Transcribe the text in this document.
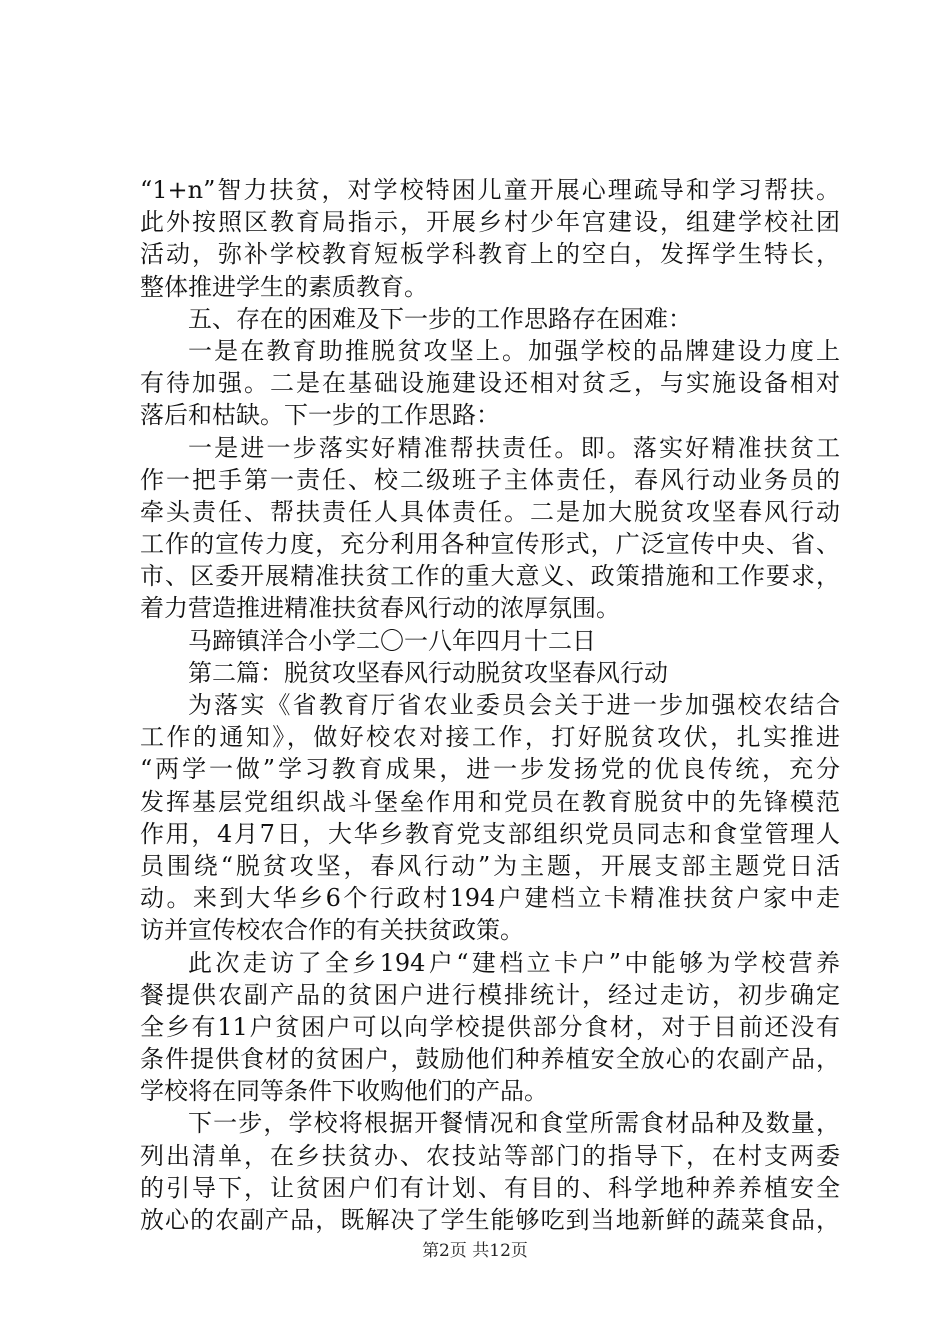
“1+n”智力扶贫，对学校特困儿童开展心理疏导和学习帮扶。
此外按照区教育局指示，开展乡村少年宫建设，组建学校社团
活动，弥补学校教育短板学科教育上的空白，发挥学生特长，
整体推进学生的素质教育。
五、存在的困难及下一步的工作思路存在困难：
一是在教育助推脱贫攻坚上。加强学校的品牌建设力度上
有待加强。二是在基础设施建设还相对贫乏，与实施设备相对
落后和枯缺。下一步的工作思路：
一是进一步落实好精准帮扶责任。即。落实好精准扶贫工
作一把手第一责任、校二级班子主体责任，春风行动业务员的
牵头责任、帮扶责任人具体责任。二是加大脱贫攻坚春风行动
工作的宣传力度，充分利用各种宣传形式，广泛宣传中央、省、
市、区委开展精准扶贫工作的重大意义、政策措施和工作要求，
着力营造推进精准扶贫春风行动的浓厚氛围。
马蹄镇洋合小学二〇一八年四月十二日
第二篇：脱贫攻坚春风行动脱贫攻坚春风行动
为落实《省教育厅省农业委员会关于进一步加强校农结合
工作的通知》，做好校农对接工作，打好脱贫攻伏，扎实推进
“两学一做”学习教育成果，进一步发扬党的优良传统，充分
发挥基层党组织战斗堡垒作用和党员在教育脱贫中的先锋模范
作用，4月7日，大华乡教育党支部组织党员同志和食堂管理人
员围绕“脱贫攻坚，春风行动”为主题，开展支部主题党日活
动。来到大华乡6个行政村194户建档立卡精准扶贫户家中走
访并宣传校农合作的有关扶贫政策。
此次走访了全乡194户“建档立卡户”中能够为学校营养
餐提供农副产品的贫困户进行模排统计，经过走访，初步确定
全乡有11户贫困户可以向学校提供部分食材，对于目前还没有
条件提供食材的贫困户，鼓励他们种养植安全放心的农副产品，
学校将在同等条件下收购他们的产品。
下一步，学校将根据开餐情况和食堂所需食材品种及数量，
列出清单，在乡扶贫办、农技站等部门的指导下，在村支两委
的引导下，让贫困户们有计划、有目的、科学地种养养植安全
放心的农副产品，既解决了学生能够吃到当地新鲜的蔬菜食品，
第2页 共12页
